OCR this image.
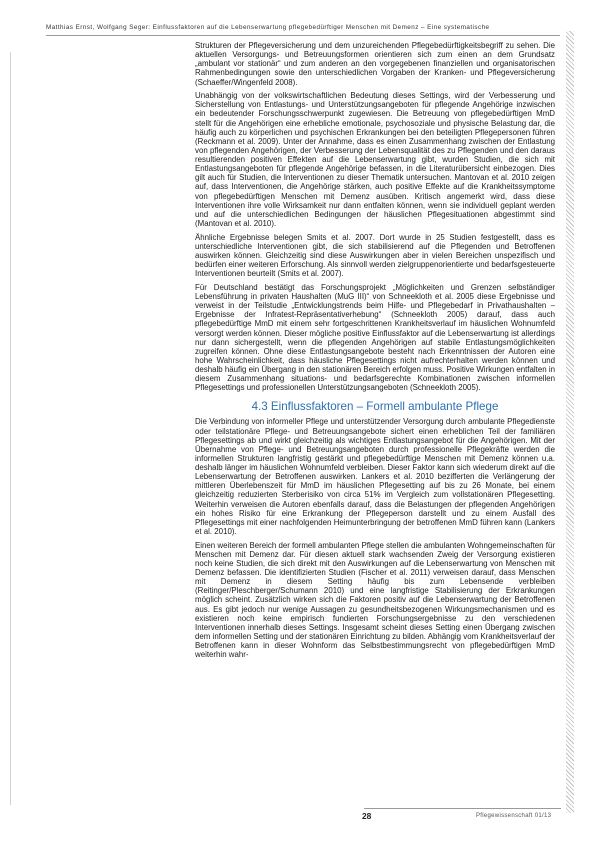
Matthias Ernst, Wolfgang Seger: Einflussfaktoren auf die Lebenserwartung pflegebedürftiger Menschen mit Demenz – Eine systematische

Strukturen der Pflegeversicherung und dem unzureichenden Pflegebedürftigkeitsbegriff zu sehen. Die aktuellen Versorgungs- und Betreuungsformen orientieren sich zum einen an dem Grundsatz „ambulant vor stationär“ und zum anderen an den vorgegebenen finanziellen und organisatorischen Rahmenbedingungen sowie den unterschiedlichen Vorgaben der Kranken- und Pflegeversicherung (Schaeffer/Wingenfeld 2008).

Unabhängig von der volkswirtschaftlichen Bedeutung dieses Settings, wird der Verbesserung und Sicherstellung von Entlastungs- und Unterstützungsangeboten für pflegende Angehörige inzwischen ein bedeutender Forschungsschwerpunkt zugewiesen. Die Betreuung von pflegebedürftigen MmD stellt für die Angehörigen eine erhebliche emotionale, psychosoziale und physische Belastung dar, die häufig auch zu körperlichen und psychischen Erkrankungen bei den beteiligten Pflegepersonen führen (Reckmann et al. 2009). Unter der Annahme, dass es einen Zusammenhang zwischen der Entlastung von pflegenden Angehörigen, der Verbesserung der Lebensqualität des zu Pflegenden und den daraus resultierenden positiven Effekten auf die Lebenserwartung gibt, wurden Studien, die sich mit Entlastungsangeboten für pflegende Angehörige befassen, in die Literaturübersicht einbezogen. Dies gilt auch für Studien, die Interventionen zu dieser Thematik untersuchen. Mantovan et al. 2010 zeigen auf, dass Interventionen, die Angehörige stärken, auch positive Effekte auf die Krankheitssymptome von pflegebedürftigen Menschen mit Demenz ausüben. Kritisch angemerkt wird, dass diese Interventionen ihre volle Wirksamkeit nur dann entfalten können, wenn sie individuell geplant werden und auf die unterschiedlichen Bedingungen der häuslichen Pflegesituationen abgestimmt sind (Mantovan et al. 2010).

Ähnliche Ergebnisse belegen Smits et al. 2007. Dort wurde in 25 Studien festgestellt, dass es unterschiedliche Interventionen gibt, die sich stabilisierend auf die Pflegenden und Betroffenen auswirken können. Gleichzeitig sind diese Auswirkungen aber in vielen Bereichen unspezifisch und bedürfen einer weiteren Erforschung. Als sinnvoll werden zielgruppenorientierte und bedarfsgesteuerte Interventionen beurteilt (Smits et al. 2007).

Für Deutschland bestätigt das Forschungsprojekt „Möglichkeiten und Grenzen selbständiger Lebensführung in privaten Haushalten (MuG III)“ von Schneekloth et al. 2005 diese Ergebnisse und verweist in der Teilstudie „Entwicklungstrends beim Hilfe- und Pflegebedarf in Privathaushalten – Ergebnisse der Infratest-Repräsentativerhebung“ (Schneekloth 2005) darauf, dass auch pflegebedürftige MmD mit einem sehr fortgeschrittenen Krankheitsverlauf im häuslichen Wohnumfeld versorgt werden können. Dieser mögliche positive Einflussfaktor auf die Lebenserwartung ist allerdings nur dann sichergestellt, wenn die pflegenden Angehörigen auf stabile Entlastungsmöglichkeiten zugreifen können. Ohne diese Entlastungsangebote besteht nach Erkenntnissen der Autoren eine hohe Wahrscheinlichkeit, dass häusliche Pflegesettings nicht aufrechterhalten werden können und deshalb häufig ein Übergang in den stationären Bereich erfolgen muss. Positive Wirkungen entfalten in diesem Zusammenhang situations- und bedarfsgerechte Kombinationen zwischen informellen Pflegesettings und professionellen Unterstützungsangeboten (Schneekloth 2005).

4.3 Einflussfaktoren – Formell ambulante Pflege

Die Verbindung von informeller Pflege und unterstützender Versorgung durch ambulante Pflegedienste oder teilstationäre Pflege- und Betreuungsangebote sichert einen erheblichen Teil der familiären Pflegesettings ab und wirkt gleichzeitig als wichtiges Entlastungsangebot für die Angehörigen. Mit der Übernahme von Pflege- und Betreuungsangeboten durch professionelle Pflegekräfte werden die informellen Strukturen langfristig gestärkt und pflegebedürftige Menschen mit Demenz können u.a. deshalb länger im häuslichen Wohnumfeld verbleiben. Dieser Faktor kann sich wiederum direkt auf die Lebenserwartung der Betroffenen auswirken. Lankers et al. 2010 bezifferten die Verlängerung der mittleren Überlebenszeit für MmD im häuslichen Pflegesetting auf bis zu 26 Monate, bei einem gleichzeitig reduzierten Sterberisiko von circa 51% im Vergleich zum vollstationären Pflegesetting. Weiterhin verweisen die Autoren ebenfalls darauf, dass die Belastungen der pflegenden Angehörigen ein hohes Risiko für eine Erkrankung der Pflegeperson darstellt und zu einem Ausfall des Pflegesettings mit einer nachfolgenden Heimunterbringung der betroffenen MmD führen kann (Lankers et al. 2010).

Einen weiteren Bereich der formell ambulanten Pflege stellen die ambulanten Wohngemeinschaften für Menschen mit Demenz dar. Für diesen aktuell stark wachsenden Zweig der Versorgung existieren noch keine Studien, die sich direkt mit den Auswirkungen auf die Lebenserwartung von Menschen mit Demenz befassen. Die identifizierten Studien (Fischer et al. 2011) verweisen darauf, dass Menschen mit Demenz in diesem Setting häufig bis zum Lebensende verbleiben (Reitinger/Pleschberger/Schumann 2010) und eine langfristige Stabilisierung der Erkrankungen möglich scheint. Zusätzlich wirken sich die Faktoren positiv auf die Lebenserwartung der Betroffenen aus. Es gibt jedoch nur wenige Aussagen zu gesundheitsbezogenen Wirkungsmechanismen und es existieren noch keine empirisch fundierten Forschungsergebnisse zu den verschiedenen Interventionen innerhalb dieses Settings. Insgesamt scheint dieses Setting einen Übergang zwischen dem informellen Setting und der stationären Einrichtung zu bilden. Abhängig vom Krankheitsverlauf der Betroffenen kann in dieser Wohnform das Selbstbestimmungsrecht von pflegebedürftigen MmD weiterhin wahr-

28	Pflegewissenschaft 01/13
